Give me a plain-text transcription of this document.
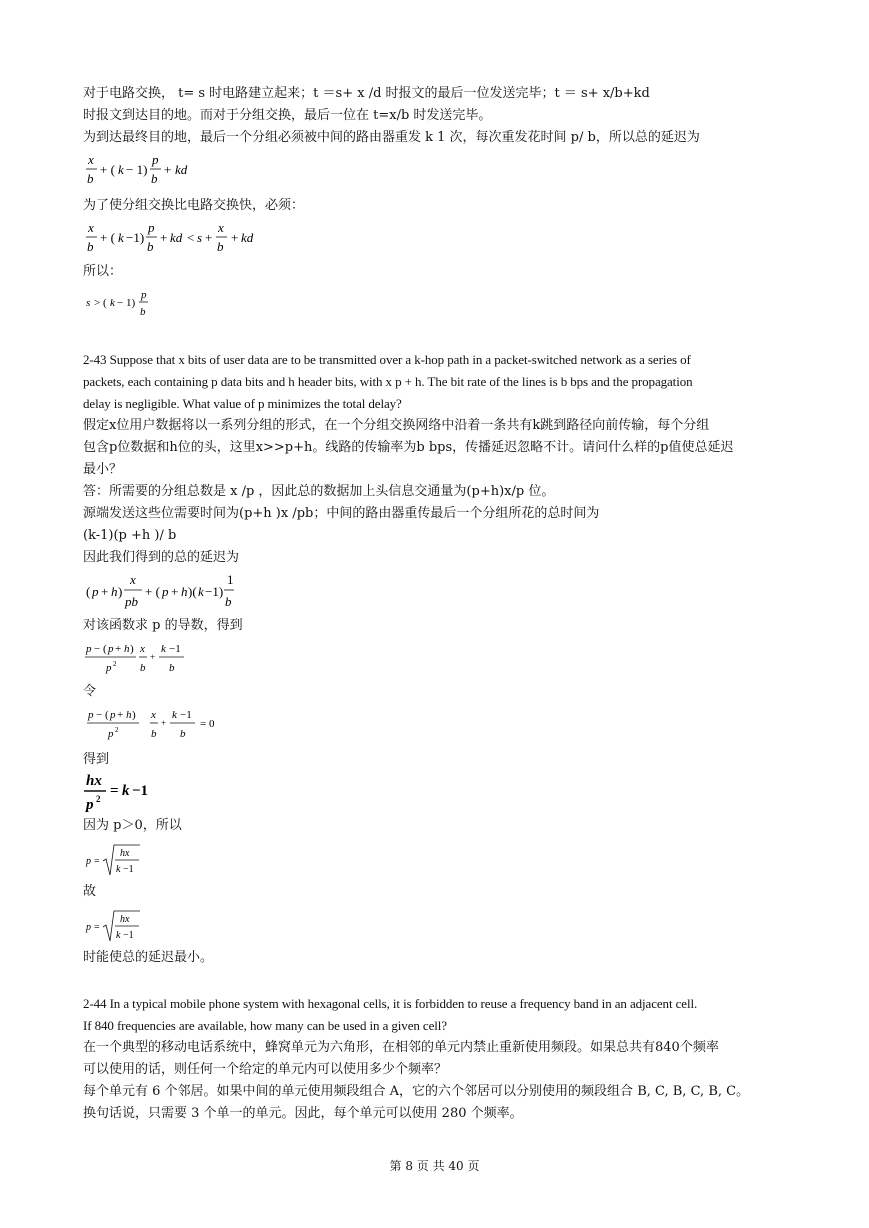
对于电路交换， t= s 时电路建立起来；t ＝s+ x /d 时报文的最后一位发送完毕；t ＝ s+ x/b+kd
时报文到达目的地。而对于分组交换，最后一位在 t=x/b 时发送完毕。
为到达最终目的地，最后一个分组必须被中间的路由器重发 k 1 次，每次重发花时间 p/ b，所以总的延迟为
x
b
+ ( k − 1)
p
b
+ kd
为了使分组交换比电路交换快，必须：
x
b
+ ( k −1)
p
b
+ kd < s +
x
b
+ kd
所以：
s > ( k − 1)
p
b
2-43 Suppose that x bits of user data are to be transmitted over a k-hop path in a packet-switched network as a series of
packets, each containing p data bits and h header bits, with x p + h. The bit rate of the lines is b bps and the propagation
delay is negligible. What value of p minimizes the total delay?
假定x位用户数据将以一系列分组的形式，在一个分组交换网络中沿着一条共有k跳到路径向前传输，每个分组
包含p位数据和h位的头，这里x>>p+h。线路的传输率为b bps，传播延迟忽略不计。请问什么样的p值使总延迟
最小？
答：所需要的分组总数是 x /p ，因此总的数据加上头信息交通量为(p+h)x/p 位。
源端发送这些位需要时间为(p+h )x /pb；中间的路由器重传最后一个分组所花的总时间为
(k-1)(p +h )/ b
因此我们得到的总的延迟为
( p + h )
x
pb
+ ( p + h )( k −1)
1
b
对该函数求 p 的导数，得到
p − ( p + h )
p 2
x
b
+
k −1
b
令
p − ( p + h )
p 2
x
b
+
k −1
b
= 0
得到
hx
p 2 = k −1
因为 p＞0，所以
p =
hx
k −1
故
p =
hx
k −1
时能使总的延迟最小。
2-44 In a typical mobile phone system with hexagonal cells, it is forbidden to reuse a frequency band in an adjacent cell.
If 840 frequencies are available, how many can be used in a given cell?
在一个典型的移动电话系统中，蜂窝单元为六角形，在相邻的单元内禁止重新使用频段。如果总共有840个频率
可以使用的话，则任何一个给定的单元内可以使用多少个频率？
每个单元有 6 个邻居。如果中间的单元使用频段组合 A，它的六个邻居可以分别使用的频段组合 B, C, B, C, B, C。
换句话说，只需要 3 个单一的单元。因此，每个单元可以使用 280 个频率。
第 8 页 共 40 页
